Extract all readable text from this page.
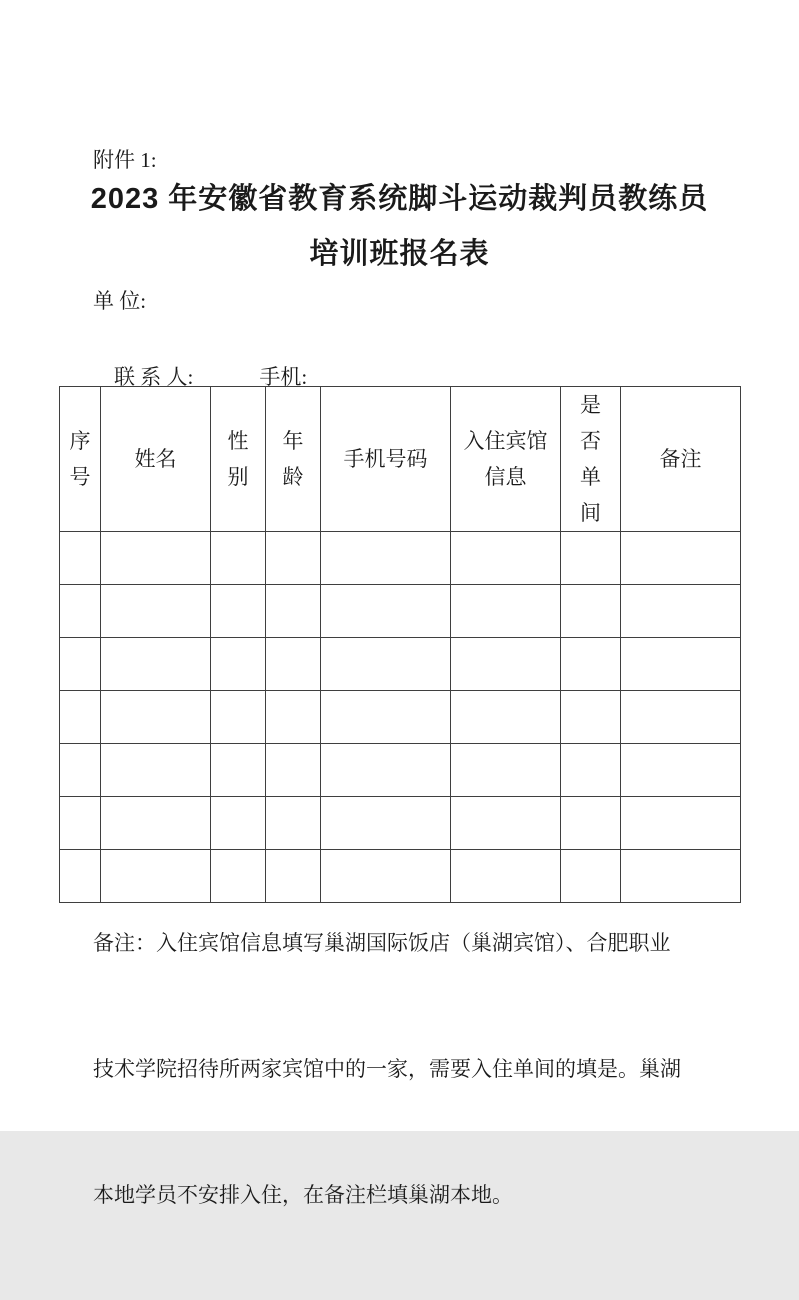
附件 1:
2023 年安徽省教育系统脚斗运动裁判员教练员
培训班报名表
单 位:

联 系 人:	手机:

序号	姓名	性别	年龄	手机号码	入住宾馆信息	是否单间	备注

备注：入住宾馆信息填写巢湖国际饭店（巢湖宾馆）、合肥职业

技术学院招待所两家宾馆中的一家，需要入住单间的填是。巢湖

本地学员不安排入住，在备注栏填巢湖本地。
